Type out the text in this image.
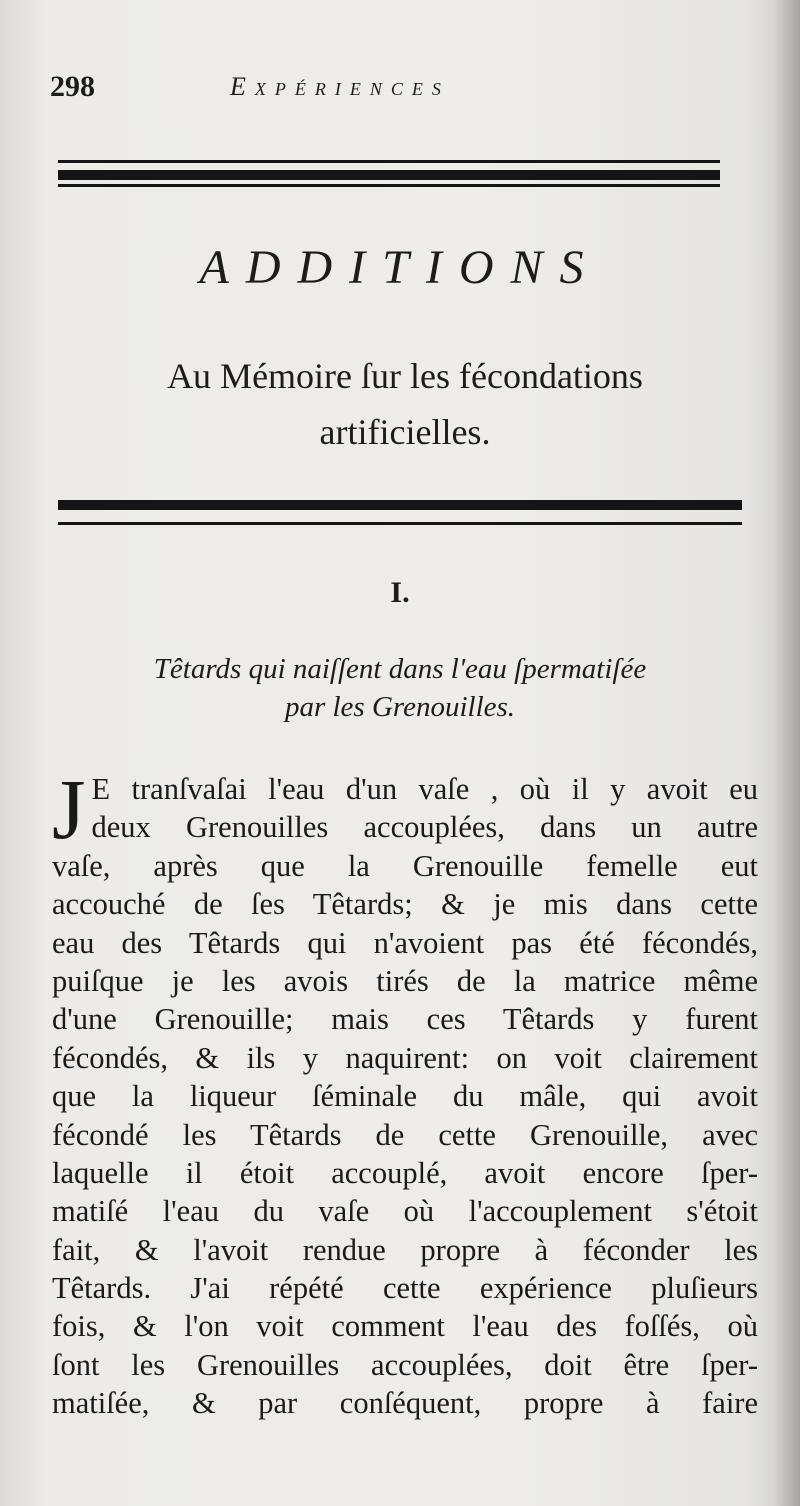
298	Expériences
ADDITIONS
Au Mémoire ſur les fécondations
artificielles.
I.
Têtards qui naiſſent dans l'eau ſpermatiſée
par les Grenouilles.
J E tranſvaſai l'eau d'un vaſe , où il y avoit eu
deux Grenouilles accouplées, dans un autre
vaſe, après que la Grenouille femelle eut
accouché de ſes Têtards; & je mis dans cette
eau des Têtards qui n'avoient pas été fécondés,
puiſque je les avois tirés de la matrice même
d'une Grenouille; mais ces Têtards y furent
fécondés, & ils y naquirent: on voit clairement
que la liqueur ſéminale du mâle, qui avoit
fécondé les Têtards de cette Grenouille, avec
laquelle il étoit accouplé, avoit encore ſper-
matiſé l'eau du vaſe où l'accouplement s'étoit
fait, & l'avoit rendue propre à féconder les
Têtards. J'ai répété cette expérience pluſieurs
fois, & l'on voit comment l'eau des foſſés, où
ſont les Grenouilles accouplées, doit être ſper-
matiſée, & par conſéquent, propre à faire
